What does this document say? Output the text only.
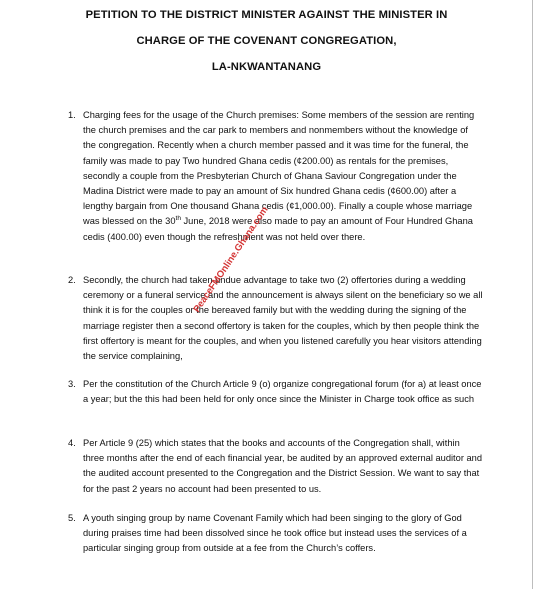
PETITION TO THE DISTRICT MINISTER AGAINST THE MINISTER IN
CHARGE OF THE COVENANT CONGREGATION,
LA-NKWANTANANG
1. Charging fees for the usage of the Church premises: Some members of the session are renting the church premises and the car park to members and nonmembers without the knowledge of the congregation. Recently when a church member passed and it was time for the funeral, the family was made to pay Two hundred Ghana cedis (¢200.00) as rentals for the premises, secondly a couple from the Presbyterian Church of Ghana Saviour Congregation under the Madina District were made to pay an amount of Six hundred Ghana cedis (¢600.00) after a lengthy bargain from One thousand Ghana cedis (¢1,000.00). Finally a couple whose marriage was blessed on the 30th June, 2018 were also made to pay an amount of Four Hundred Ghana cedis (400.00) even though the refreshment was not held over there.
2. Secondly, the church had taken undue advantage to take two (2) offertories during a wedding ceremony or a funeral service and the announcement is always silent on the beneficiary so we all think it is for the couples or the bereaved family but with the wedding during the signing of the marriage register then a second offertory is taken for the couples, which by then people think the first offertory is meant for the couples, and when you listened carefully you hear visitors attending the service complaining,
3. Per the constitution of the Church Article 9 (o) organize congregational forum (for a) at least once a year; but the this had been held for only once since the Minister in Charge took office as such
4. Per Article 9 (25) which states that the books and accounts of the Congregation shall, within three months after the end of each financial year, be audited by an approved external auditor and the audited account presented to the Congregation and the District Session. We want to say that for the past 2 years no account had been presented to us.
5. A youth singing group by name Covenant Family which had been singing to the glory of God during praises time had been dissolved since he took office but instead uses the services of a particular singing group from outside at a fee from the Church’s coffers.
PeaceFMOnline.Ghana.com
